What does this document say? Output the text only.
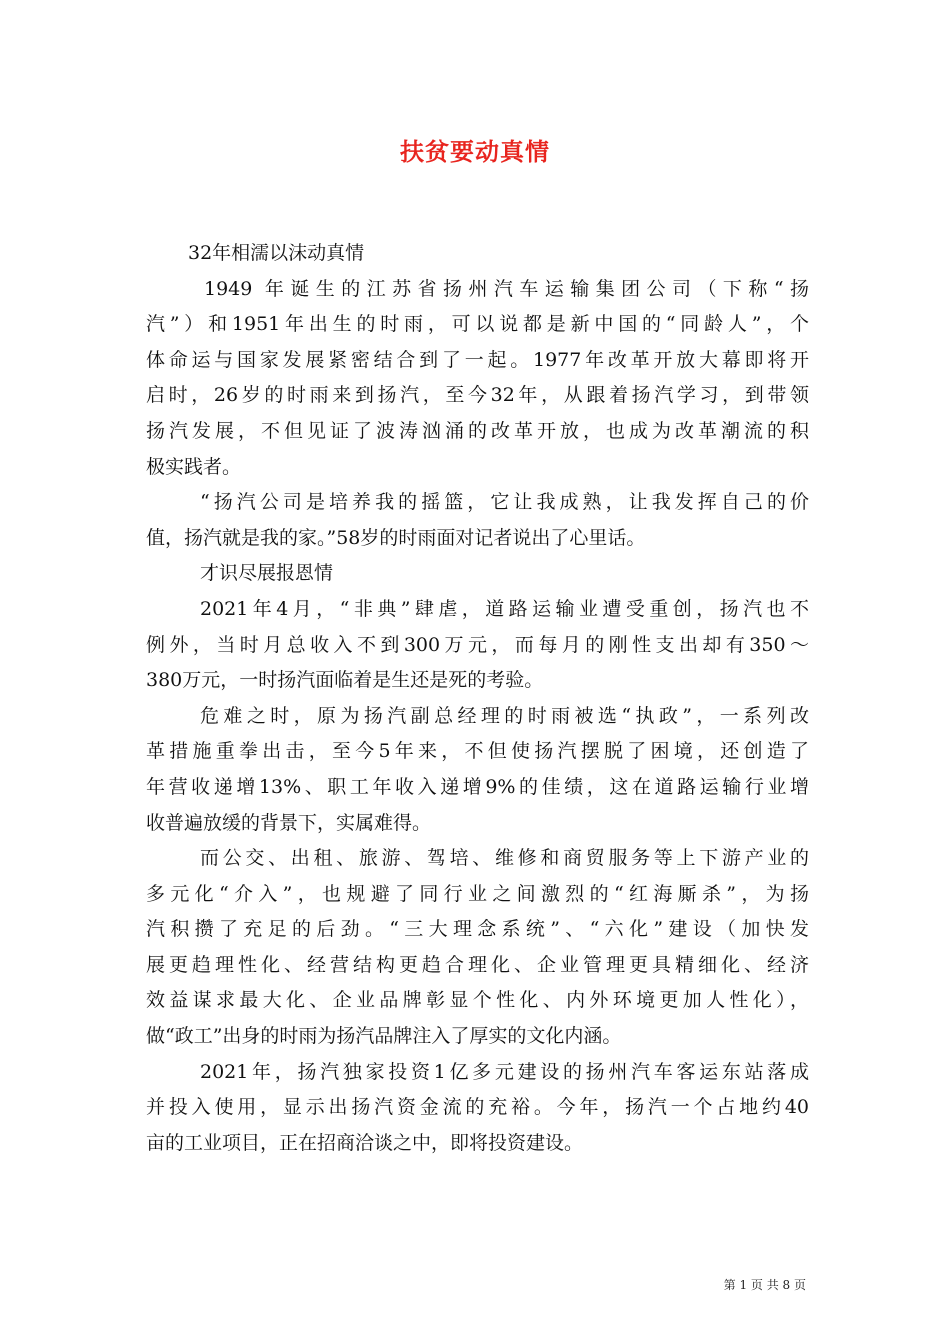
扶贫要动真情
32年相濡以沫动真情
1949 年诞生的江苏省扬州汽车运输集团公司（下称“扬
汽”）和1951年出生的时雨，可以说都是新中国的“同龄人”，个
体命运与国家发展紧密结合到了一起。1977年改革开放大幕即将开
启时，26岁的时雨来到扬汽，至今32年，从跟着扬汽学习，到带领
扬汽发展，不但见证了波涛汹涌的改革开放，也成为改革潮流的积
极实践者。
“扬汽公司是培养我的摇篮，它让我成熟，让我发挥自己的价
值，扬汽就是我的家。”58岁的时雨面对记者说出了心里话。
才识尽展报恩情
2021年4月，“非典”肆虐，道路运输业遭受重创，扬汽也不
例外，当时月总收入不到300万元，而每月的刚性支出却有350～
380万元，一时扬汽面临着是生还是死的考验。
危难之时，原为扬汽副总经理的时雨被选“执政”，一系列改
革措施重拳出击，至今5年来，不但使扬汽摆脱了困境，还创造了
年营收递增13%、职工年收入递增9%的佳绩，这在道路运输行业增
收普遍放缓的背景下，实属难得。
而公交、出租、旅游、驾培、维修和商贸服务等上下游产业的
多元化“介入”，也规避了同行业之间激烈的“红海厮杀”，为扬
汽积攒了充足的后劲。“三大理念系统”、“六化”建设（加快发
展更趋理性化、经营结构更趋合理化、企业管理更具精细化、经济
效益谋求最大化、企业品牌彰显个性化、内外环境更加人性化），
做“政工”出身的时雨为扬汽品牌注入了厚实的文化内涵。
2021年，扬汽独家投资1亿多元建设的扬州汽车客运东站落成
并投入使用，显示出扬汽资金流的充裕。今年，扬汽一个占地约40
亩的工业项目，正在招商洽谈之中，即将投资建设。
第 1 页 共 8 页
